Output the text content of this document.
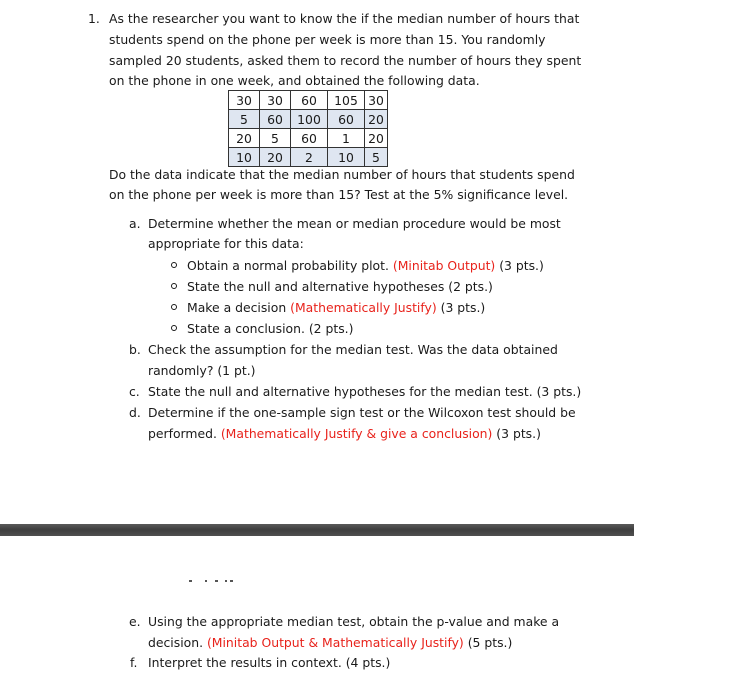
1. As the researcher you want to know the if the median number of hours that
students spend on the phone per week is more than 15. You randomly
sampled 20 students, asked them to record the number of hours they spent
on the phone in one week, and obtained the following data.
30	30	60	105	30
5	60	100	60	20
20	5	60	1	20
10	20	2	10	5
Do the data indicate that the median number of hours that students spend
on the phone per week is more than 15? Test at the 5% significance level.
a. Determine whether the mean or median procedure would be most
appropriate for this data:
Obtain a normal probability plot. (Minitab Output) (3 pts.)
State the null and alternative hypotheses (2 pts.)
Make a decision (Mathematically Justify) (3 pts.)
State a conclusion. (2 pts.)
b. Check the assumption for the median test. Was the data obtained
randomly? (1 pt.)
c. State the null and alternative hypotheses for the median test. (3 pts.)
d. Determine if the one-sample sign test or the Wilcoxon test should be
performed. (Mathematically Justify & give a conclusion) (3 pts.)
e. Using the appropriate median test, obtain the p-value and make a
decision. (Minitab Output & Mathematically Justify) (5 pts.)
f. Interpret the results in context. (4 pts.)
